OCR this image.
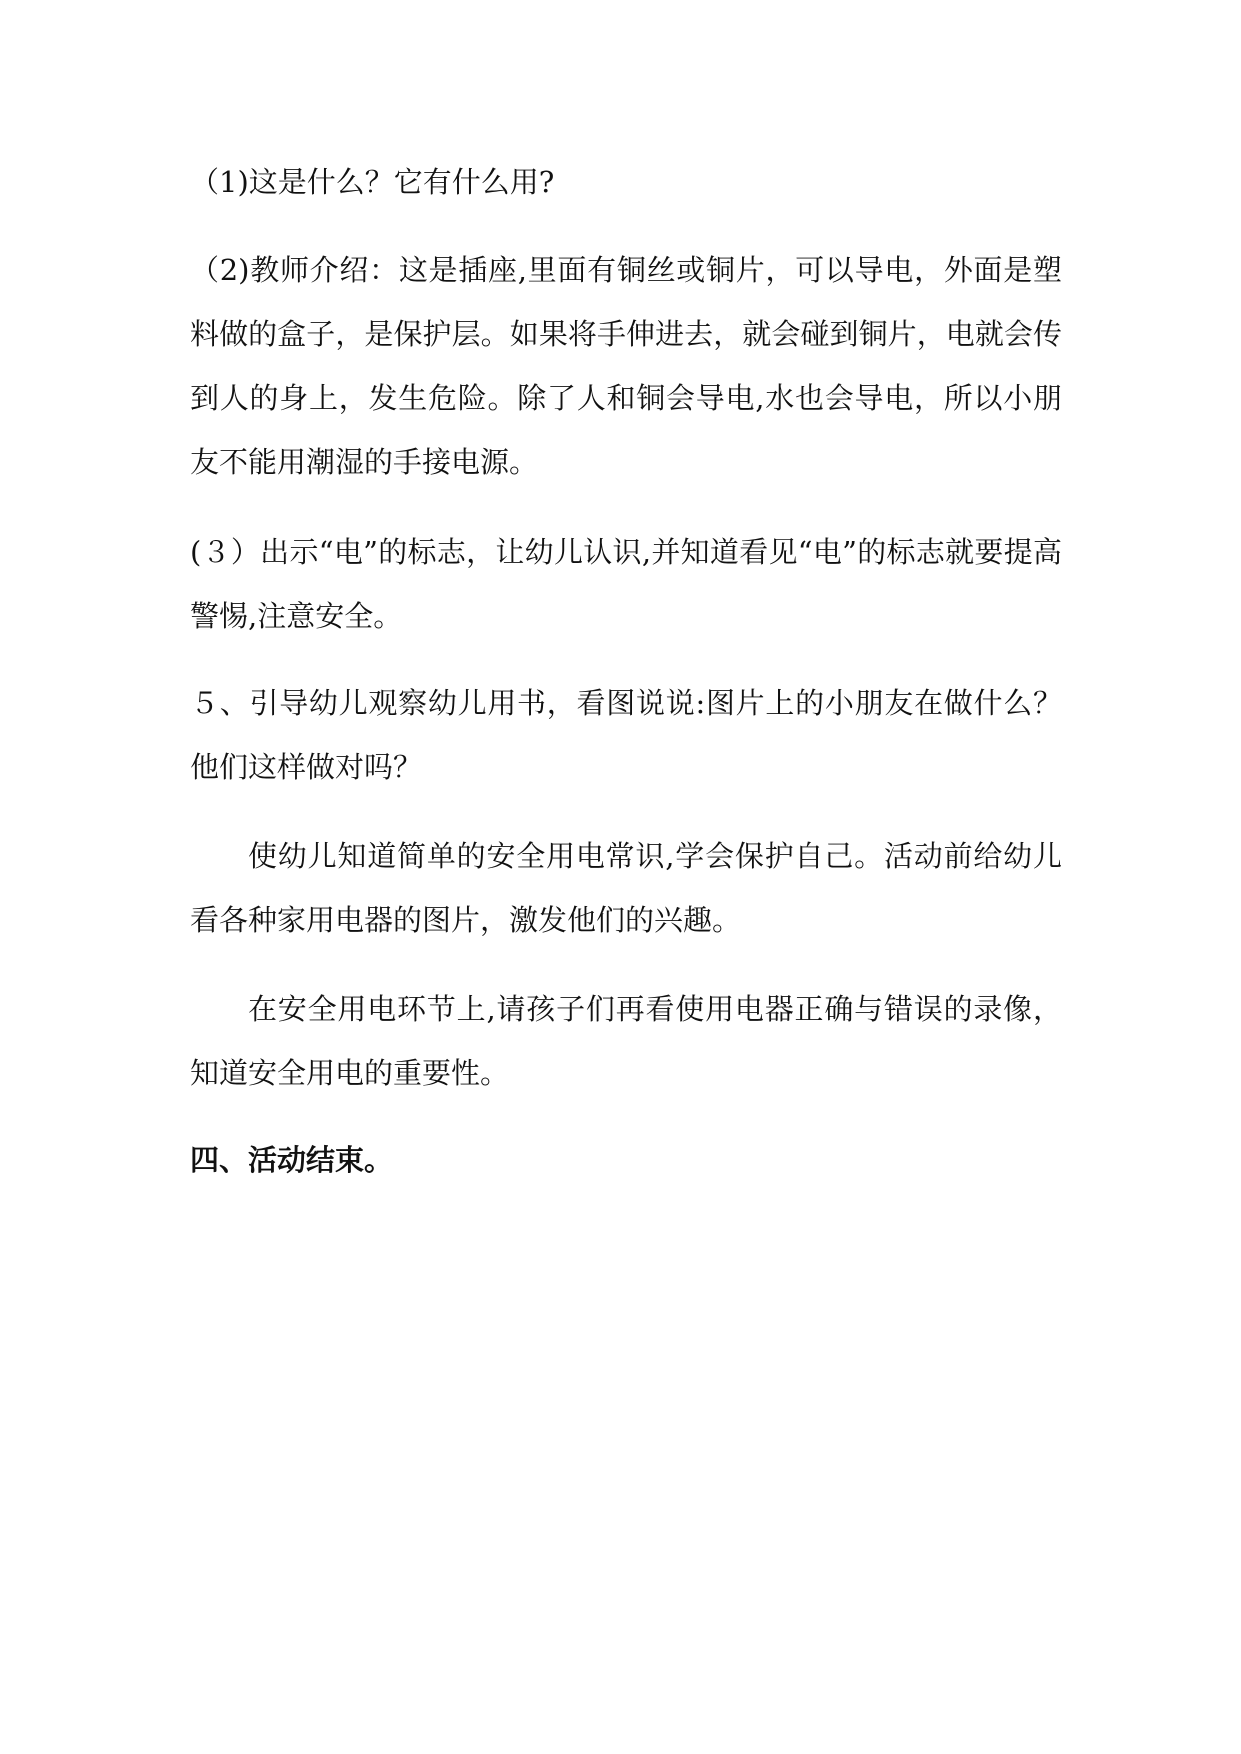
（1)这是什么？它有什么用?

（2)教师介绍：这是插座,里面有铜丝或铜片，可以导电，外面是塑料做的盒子，是保护层。如果将手伸进去，就会碰到铜片，电就会传到人的身上，发生危险。除了人和铜会导电,水也会导电，所以小朋友不能用潮湿的手接电源。

(３）出示“电”的标志，让幼儿认识,并知道看见“电”的标志就要提高警惕,注意安全。

５、引导幼儿观察幼儿用书，看图说说:图片上的小朋友在做什么？他们这样做对吗？

使幼儿知道简单的安全用电常识,学会保护自己。活动前给幼儿看各种家用电器的图片，激发他们的兴趣。

在安全用电环节上,请孩子们再看使用电器正确与错误的录像，知道安全用电的重要性。

四、活动结束。
